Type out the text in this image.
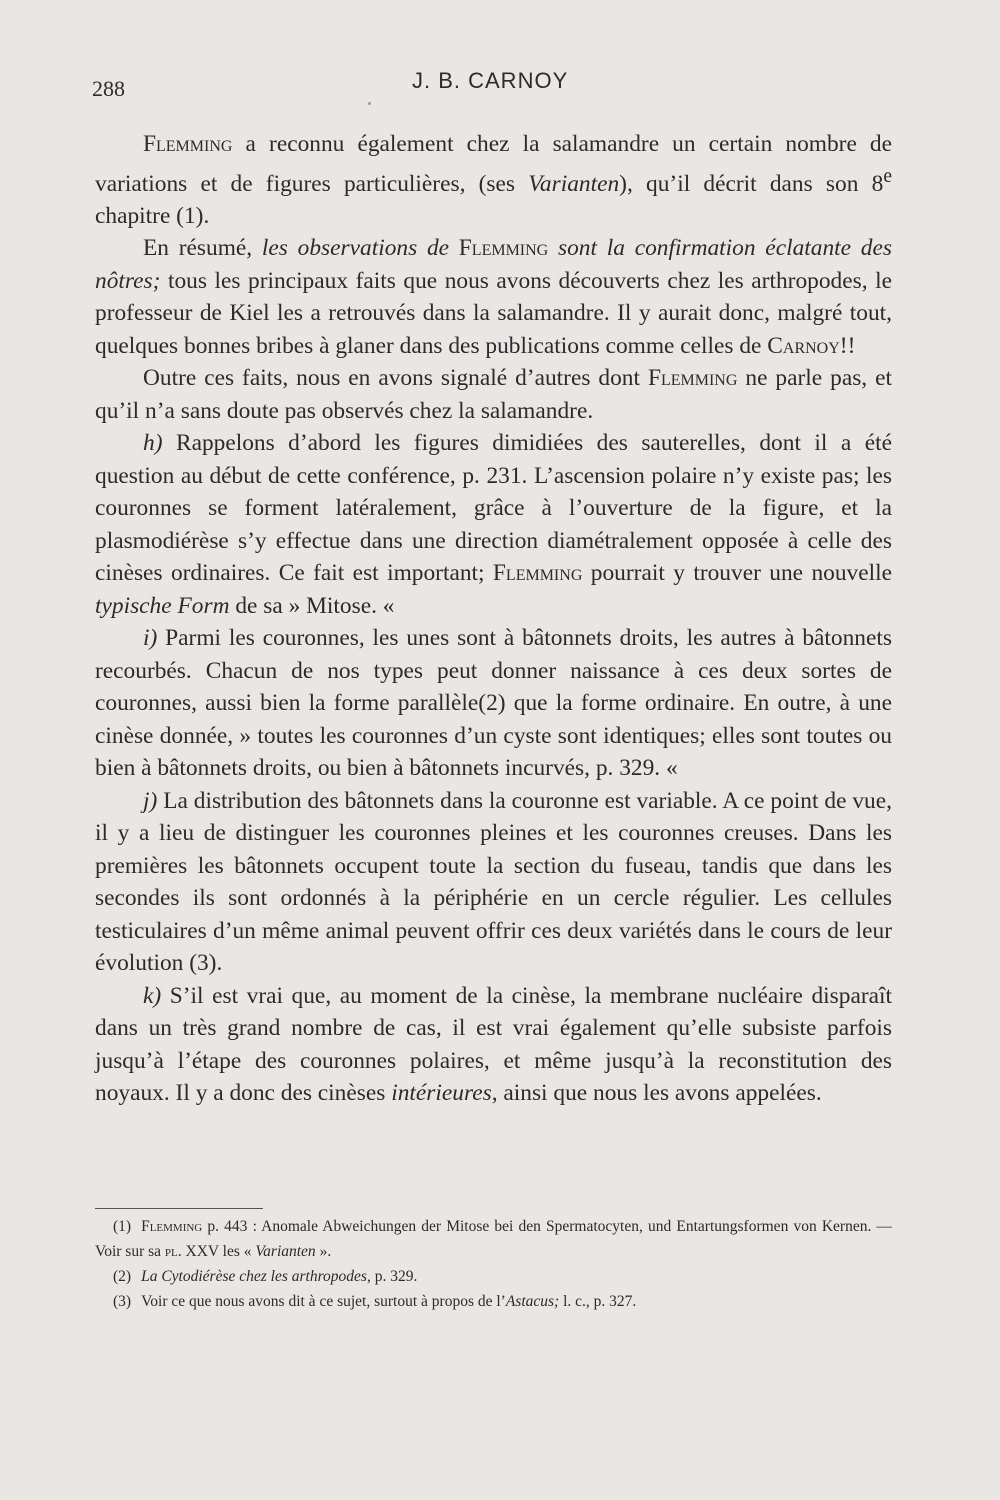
288	J. B. CARNOY

Flemming a reconnu également chez la salamandre un certain nombre de variations et de figures particulières, (ses Varianten), qu’il décrit dans son 8e chapitre (1).

En résumé, les observations de Flemming sont la confirmation éclatante des nôtres; tous les principaux faits que nous avons découverts chez les arthropodes, le professeur de Kiel les a retrouvés dans la salamandre. Il y aurait donc, malgré tout, quelques bonnes bribes à glaner dans des publications comme celles de Carnoy!!

Outre ces faits, nous en avons signalé d’autres dont Flemming ne parle pas, et qu’il n’a sans doute pas observés chez la salamandre.

h) Rappelons d’abord les figures dimidiées des sauterelles, dont il a été question au début de cette conférence, p. 231. L’ascension polaire n’y existe pas; les couronnes se forment latéralement, grâce à l’ouverture de la figure, et la plasmodiérèse s’y effectue dans une direction diamétralement opposée à celle des cinèses ordinaires. Ce fait est important; Flemming pourrait y trouver une nouvelle typische Form de sa » Mitose. «

i) Parmi les couronnes, les unes sont à bâtonnets droits, les autres à bâtonnets recourbés. Chacun de nos types peut donner naissance à ces deux sortes de couronnes, aussi bien la forme parallèle(2) que la forme ordinaire. En outre, à une cinèse donnée, » toutes les couronnes d’un cyste sont identiques; elles sont toutes ou bien à bâtonnets droits, ou bien à bâtonnets incurvés, p. 329. «

j) La distribution des bâtonnets dans la couronne est variable. A ce point de vue, il y a lieu de distinguer les couronnes pleines et les couronnes creuses. Dans les premières les bâtonnets occupent toute la section du fuseau, tandis que dans les secondes ils sont ordonnés à la périphérie en un cercle régulier. Les cellules testiculaires d’un même animal peuvent offrir ces deux variétés dans le cours de leur évolution (3).

k) S’il est vrai que, au moment de la cinèse, la membrane nucléaire disparaît dans un très grand nombre de cas, il est vrai également qu’elle subsiste parfois jusqu’à l’étape des couronnes polaires, et même jusqu’à la reconstitution des noyaux. Il y a donc des cinèses intérieures, ainsi que nous les avons appelées.

(1) Flemming p. 443 : Anomale Abweichungen der Mitose bei den Spermatocyten, und Entartungsformen von Kernen. — Voir sur sa pl. XXV les « Varianten ».

(2) La Cytodiérèse chez les arthropodes, p. 329.

(3) Voir ce que nous avons dit à ce sujet, surtout à propos de l’Astacus; l. c., p. 327.
